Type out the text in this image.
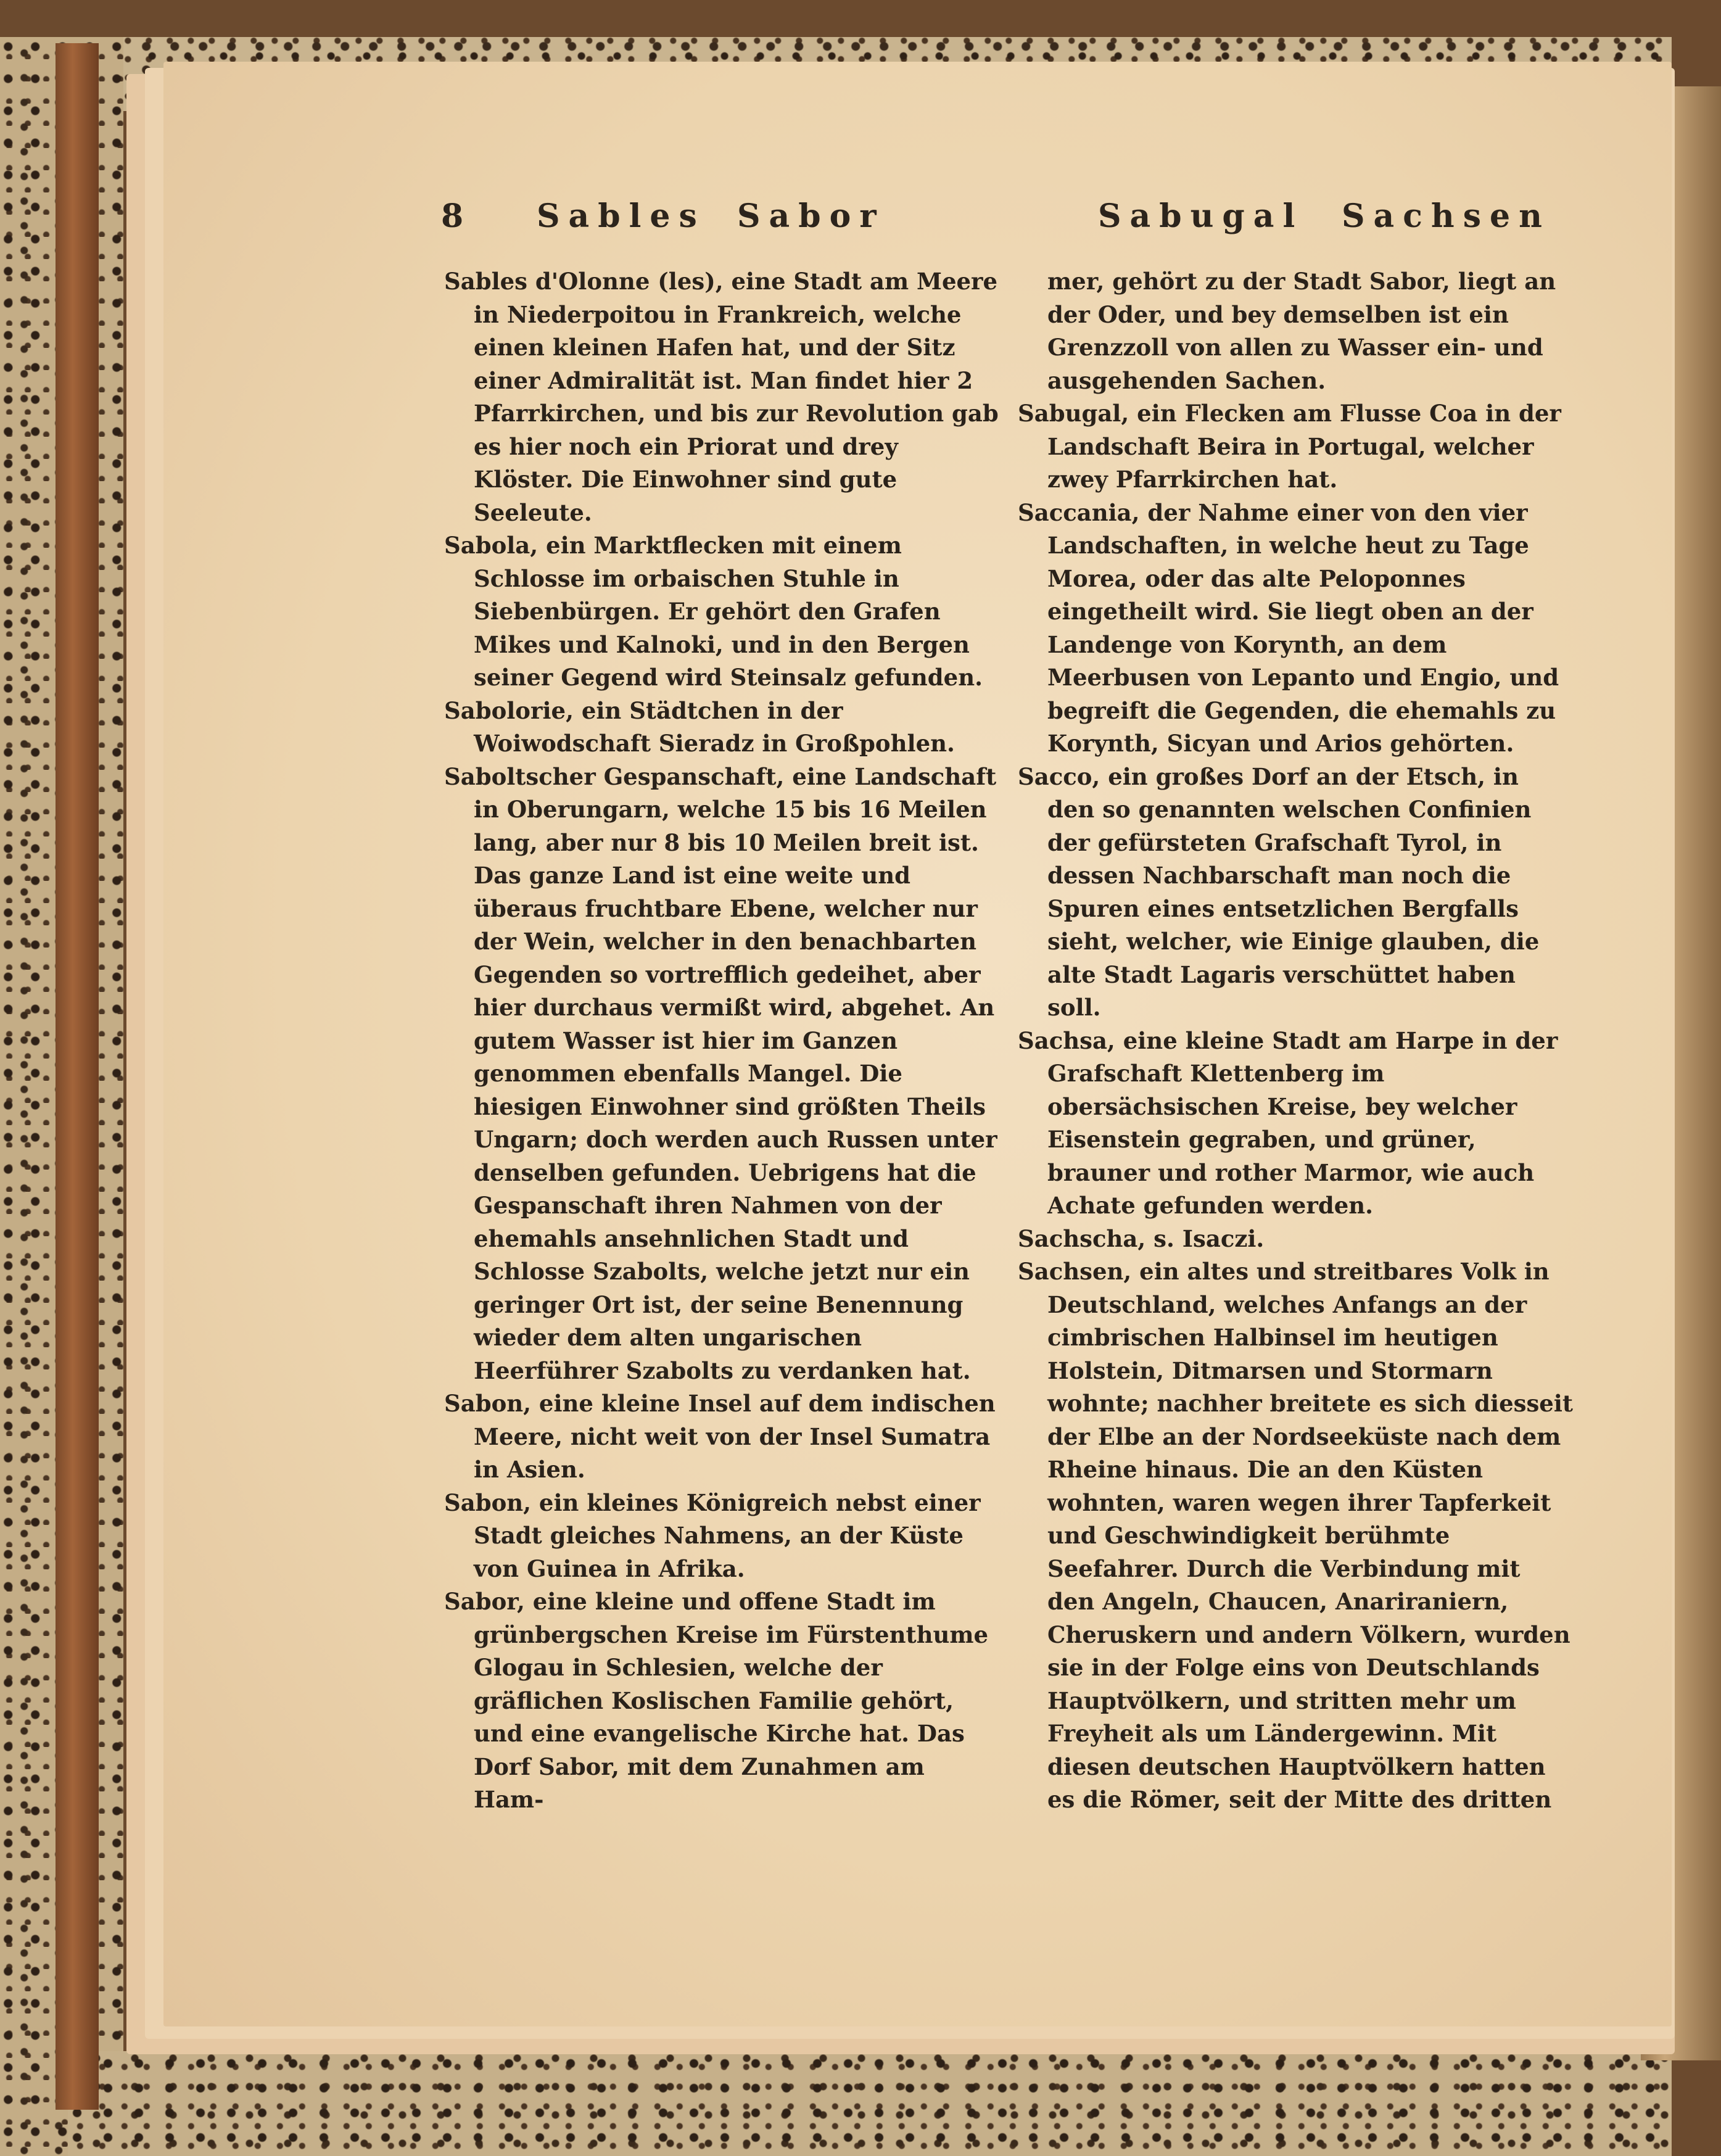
8 Sables Sabor	Sabugal Sachsen

Sables d'Olonne (les), eine Stadt am Meere in Niederpoitou in Frankreich, welche einen kleinen Hafen hat, und der Sitz einer Admiralität ist. Man findet hier 2 Pfarrkirchen, und bis zur Revolution gab es hier noch ein Priorat und drey Klöster. Die Einwohner sind gute Seeleute.

Sabola, ein Marktflecken mit einem Schlosse im orbaischen Stuhle in Siebenbürgen. Er gehört den Grafen Mikes und Kalnoki, und in den Bergen seiner Gegend wird Steinsalz gefunden.

Sabolorie, ein Städtchen in der Woiwodschaft Sieradz in Großpohlen.

Saboltscher Gespanschaft, eine Landschaft in Oberungarn, welche 15 bis 16 Meilen lang, aber nur 8 bis 10 Meilen breit ist. Das ganze Land ist eine weite und überaus fruchtbare Ebene, welcher nur der Wein, welcher in den benachbarten Gegenden so vortrefflich gedeihet, aber hier durchaus vermißt wird, abgehet. An gutem Wasser ist hier im Ganzen genommen ebenfalls Mangel. Die hiesigen Einwohner sind größten Theils Ungarn; doch werden auch Russen unter denselben gefunden. Uebrigens hat die Gespanschaft ihren Nahmen von der ehemahls ansehnlichen Stadt und Schlosse Szabolts, welche jetzt nur ein geringer Ort ist, der seine Benennung wieder dem alten ungarischen Heerführer Szabolts zu verdanken hat.

Sabon, eine kleine Insel auf dem indischen Meere, nicht weit von der Insel Sumatra in Asien.

Sabon, ein kleines Königreich nebst einer Stadt gleiches Nahmens, an der Küste von Guinea in Afrika.

Sabor, eine kleine und offene Stadt im grünbergschen Kreise im Fürstenthume Glogau in Schlesien, welche der gräflichen Koslischen Familie gehört, und eine evangelische Kirche hat. Das Dorf Sabor, mit dem Zunahmen am Ham-

mer, gehört zu der Stadt Sabor, liegt an der Oder, und bey demselben ist ein Grenzzoll von allen zu Wasser ein- und ausgehenden Sachen.

Sabugal, ein Flecken am Flusse Coa in der Landschaft Beira in Portugal, welcher zwey Pfarrkirchen hat.

Saccania, der Nahme einer von den vier Landschaften, in welche heut zu Tage Morea, oder das alte Peloponnes eingetheilt wird. Sie liegt oben an der Landenge von Korynth, an dem Meerbusen von Lepanto und Engio, und begreift die Gegenden, die ehemahls zu Korynth, Sicyan und Arios gehörten.

Sacco, ein großes Dorf an der Etsch, in den so genannten welschen Confinien der gefürsteten Grafschaft Tyrol, in dessen Nachbarschaft man noch die Spuren eines entsetzlichen Bergfalls sieht, welcher, wie Einige glauben, die alte Stadt Lagaris verschüttet haben soll.

Sachsa, eine kleine Stadt am Harpe in der Grafschaft Klettenberg im obersächsischen Kreise, bey welcher Eisenstein gegraben, und grüner, brauner und rother Marmor, wie auch Achate gefunden werden.

Sachscha, s. Isaczi.

Sachsen, ein altes und streitbares Volk in Deutschland, welches Anfangs an der cimbrischen Halbinsel im heutigen Holstein, Ditmarsen und Stormarn wohnte; nachher breitete es sich diesseit der Elbe an der Nordseeküste nach dem Rheine hinaus. Die an den Küsten wohnten, waren wegen ihrer Tapferkeit und Geschwindigkeit berühmte Seefahrer. Durch die Verbindung mit den Angeln, Chaucen, Anariraniern, Cheruskern und andern Völkern, wurden sie in der Folge eins von Deutschlands Hauptvölkern, und stritten mehr um Freyheit als um Ländergewinn. Mit diesen deutschen Hauptvölkern hatten es die Römer, seit der Mitte des dritten
